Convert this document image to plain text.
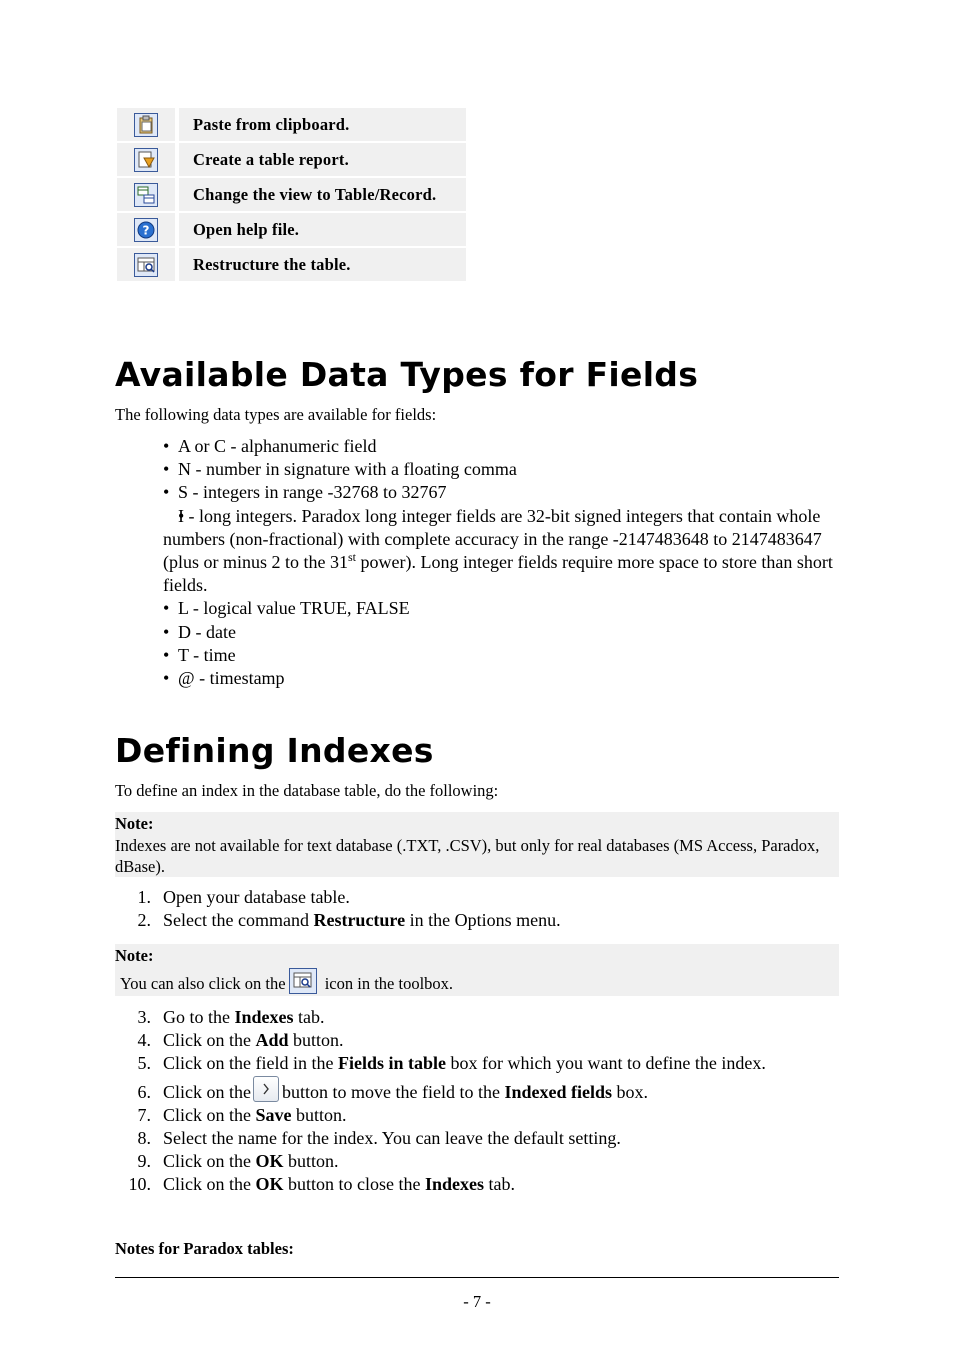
Paste from clipboard.
Create a table report.
Change the view to Table/Record.
?	Open help file.
Restructure the table.
Available Data Types for Fields
The following data types are available for fields:
• A or C - alphanumeric field
• N - number in signature with a floating comma
• S - integers in range -32768 to 32767
• I - long integers. Paradox long integer fields are 32-bit signed integers that contain whole numbers (non-fractional) with complete accuracy in the range -2147483648 to 2147483647 (plus or minus 2 to the 31st power). Long integer fields require more space to store than short fields.
• L - logical value TRUE, FALSE
• D - date
• T - time
• @ - timestamp
Defining Indexes
To define an index in the database table, do the following:
Note:
Indexes are not available for text database (.TXT, .CSV), but only for real databases (MS Access, Paradox, dBase).
1. Open your database table.
2. Select the command Restructure in the Options menu.
Note:
You can also click on the icon in the toolbox.
3. Go to the Indexes tab.
4. Click on the Add button.
5. Click on the field in the Fields in table box for which you want to define the index.
6. Click on the button to move the field to the Indexed fields box.
7. Click on the Save button.
8. Select the name for the index. You can leave the default setting.
9. Click on the OK button.
10. Click on the OK button to close the Indexes tab.
Notes for Paradox tables:
- 7 -
